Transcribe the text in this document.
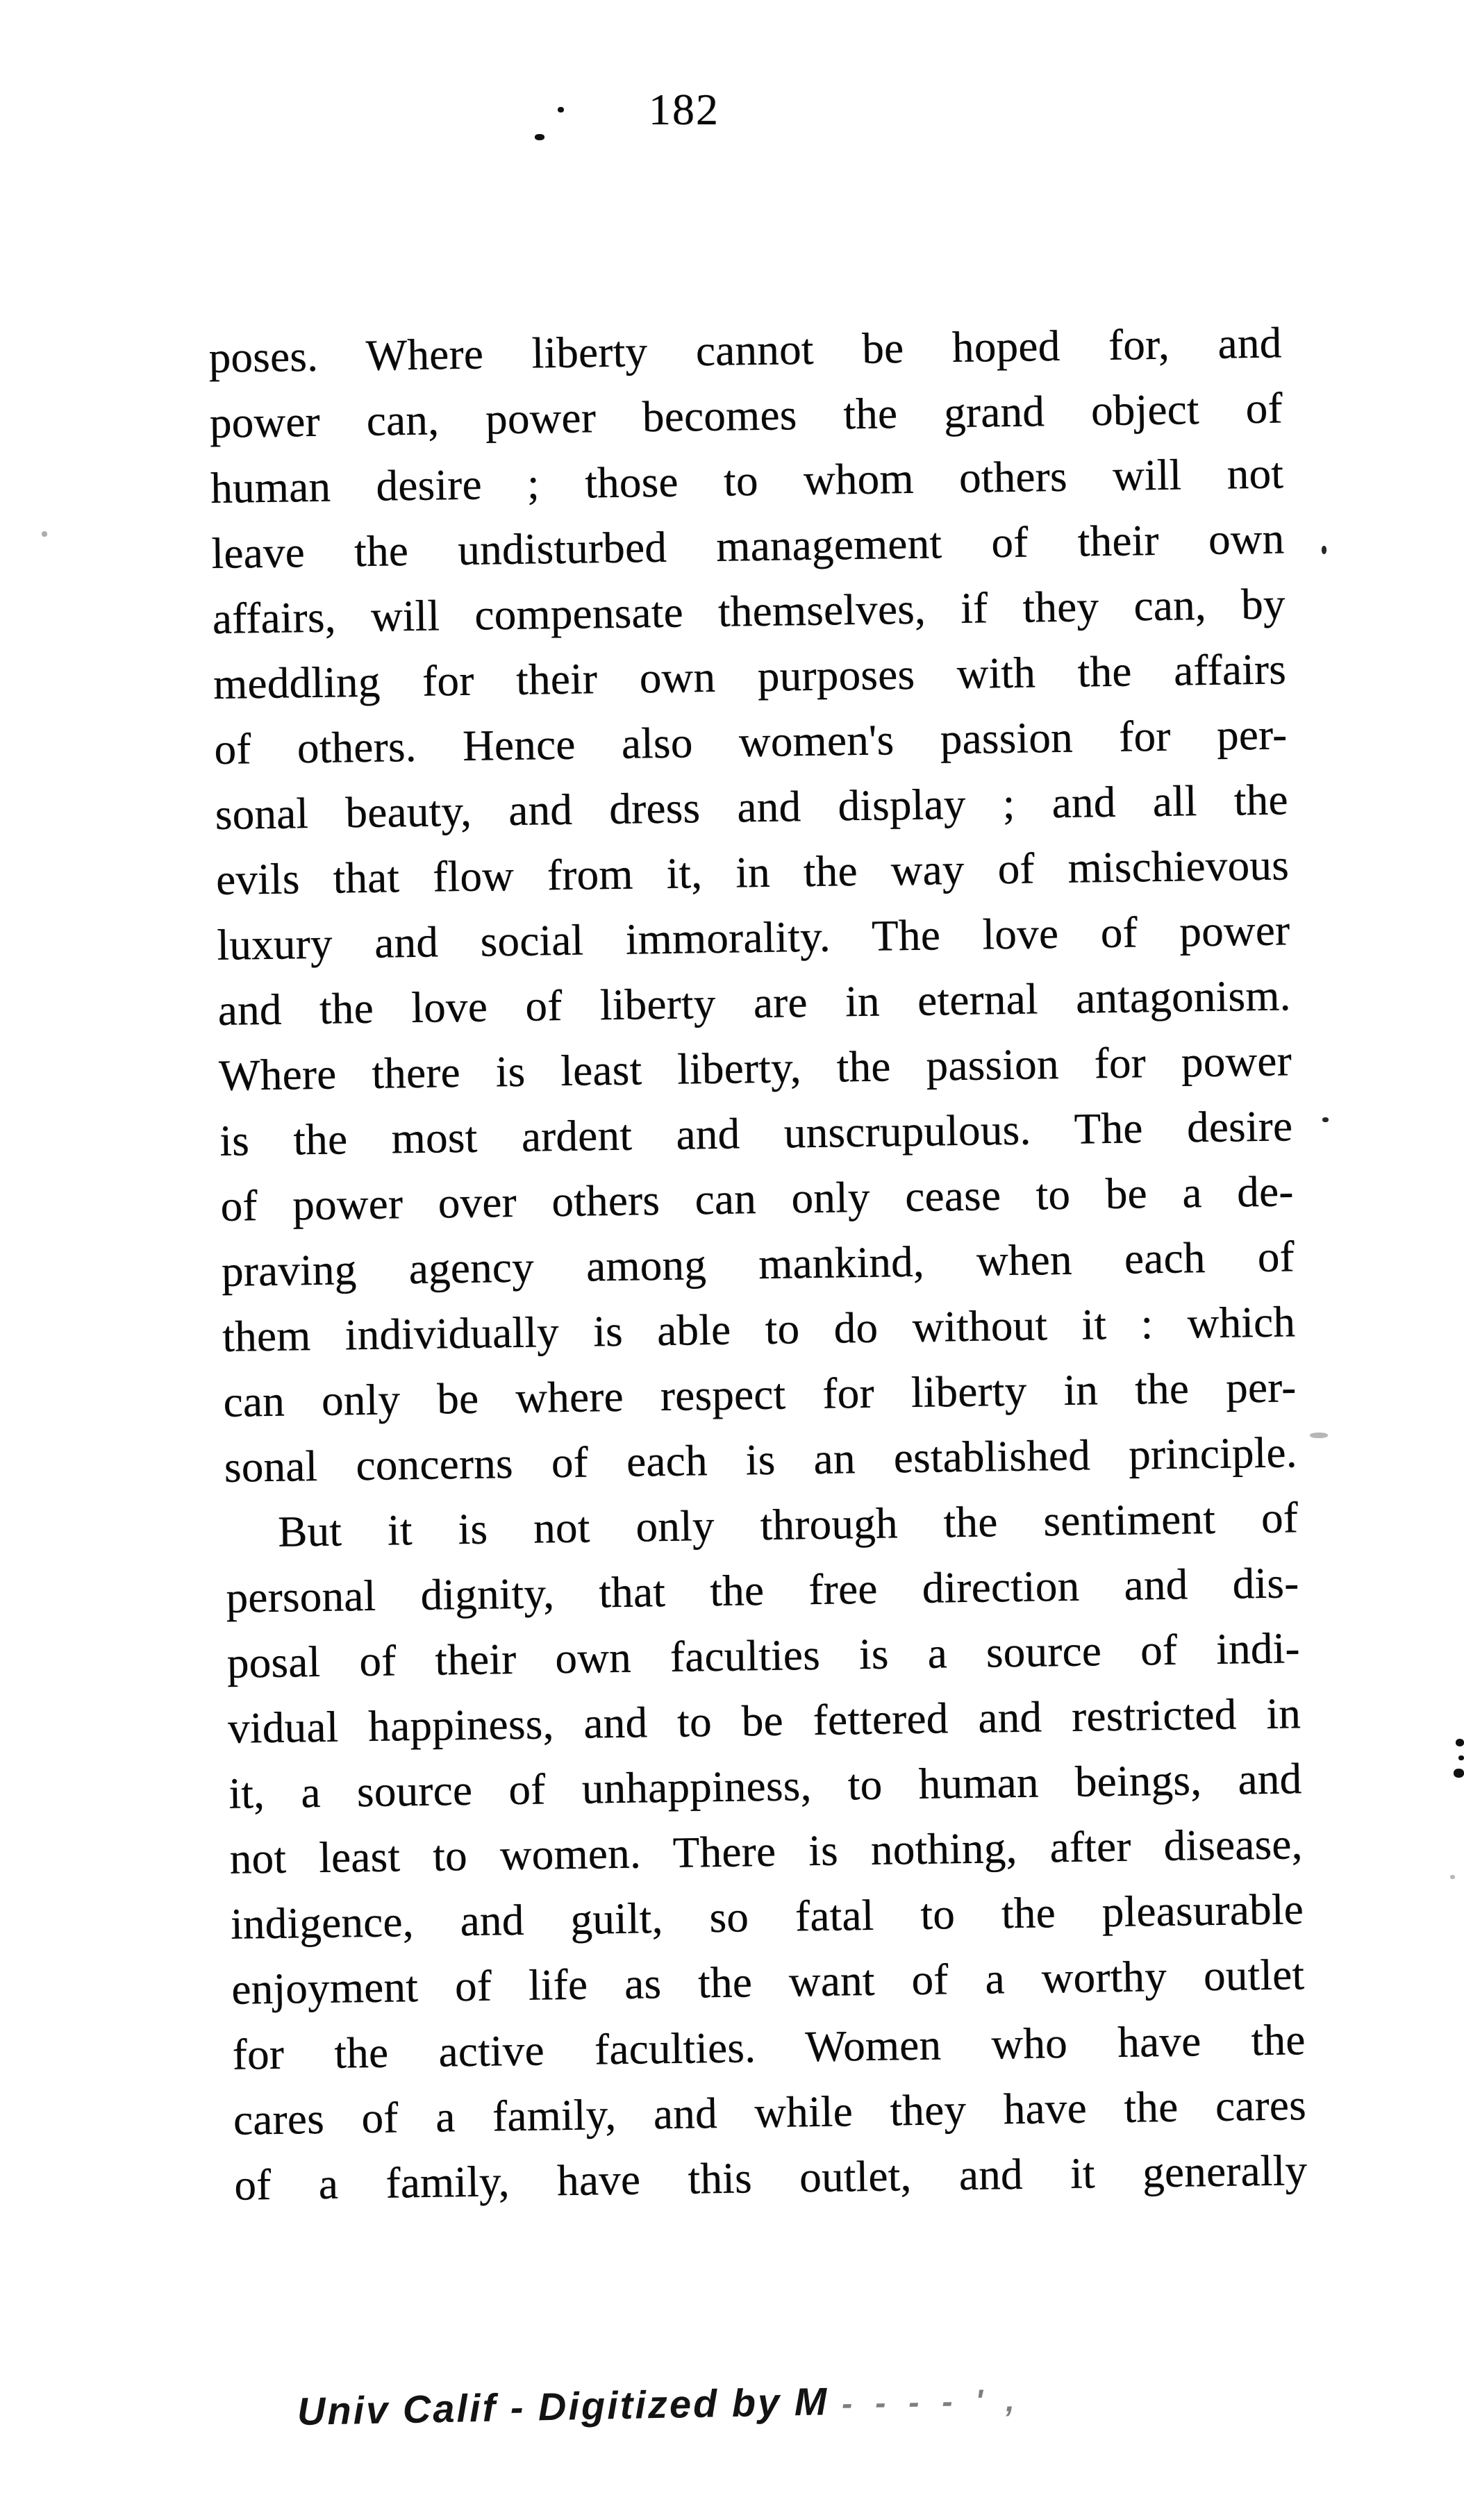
182
poses. Where liberty cannot be hoped for, and
power can, power becomes the grand object of
human desire ; those to whom others will not
leave the undisturbed management of their own
affairs, will compensate themselves, if they can, by
meddling for their own purposes with the affairs
of others. Hence also women's passion for per-
sonal beauty, and dress and display ; and all the
evils that flow from it, in the way of mischievous
luxury and social immorality. The love of power
and the love of liberty are in eternal antagonism.
Where there is least liberty, the passion for power
is the most ardent and unscrupulous. The desire
of power over others can only cease to be a de-
praving agency among mankind, when each of
them individually is able to do without it : which
can only be where respect for liberty in the per-
sonal concerns of each is an established principle.
But it is not only through the sentiment of
personal dignity, that the free direction and dis-
posal of their own faculties is a source of indi-
vidual happiness, and to be fettered and restricted in
it, a source of unhappiness, to human beings, and
not least to women. There is nothing, after disease,
indigence, and guilt, so fatal to the pleasurable
enjoyment of life as the want of a worthy outlet
for the active faculties. Women who have the
cares of a family, and while they have the cares
of a family, have this outlet, and it generally
Univ Calif - Digitized by M - - - - ' ,
